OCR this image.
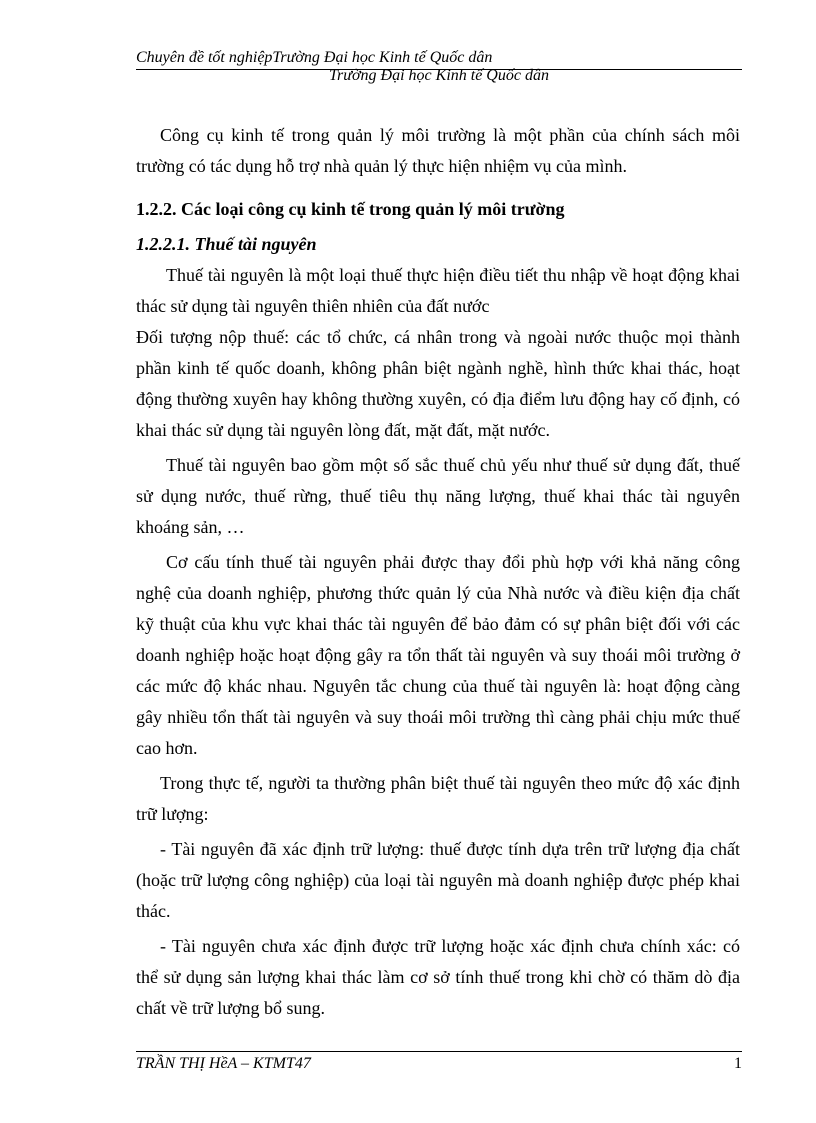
Chuyên đề tốt nghiệpTrường Đại học Kinh tế Quốc dân
Trường Đại học Kinh tế Quốc dân

Công cụ kinh tế trong quản lý môi trường là một phần của chính sách môi trường có tác dụng hỗ trợ nhà quản lý thực hiện nhiệm vụ của mình.

1.2.2. Các loại công cụ kinh tế trong quản lý môi trường

1.2.2.1. Thuế tài nguyên

Thuế tài nguyên là một loại thuế thực hiện điều tiết thu nhập về hoạt động khai thác sử dụng tài nguyên thiên nhiên của đất nước

Đối tượng nộp thuế: các tổ chức, cá nhân trong và ngoài nước thuộc mọi thành phần kinh tế quốc doanh, không phân biệt ngành nghề, hình thức khai thác, hoạt động thường xuyên hay không thường xuyên, có địa điểm lưu động hay cố định, có khai thác sử dụng tài nguyên lòng đất, mặt đất, mặt nước.

Thuế tài nguyên bao gồm một số sắc thuế chủ yếu như thuế sử dụng đất, thuế sử dụng nước, thuế rừng, thuế tiêu thụ năng lượng, thuế khai thác tài nguyên khoáng sản, …

Cơ cấu tính thuế tài nguyên phải được thay đổi phù hợp với khả năng công nghệ của doanh nghiệp, phương thức quản lý của Nhà nước và điều kiện địa chất kỹ thuật của khu vực khai thác tài nguyên để bảo đảm có sự phân biệt đối với các doanh nghiệp hoặc hoạt động gây ra tổn thất tài nguyên và suy thoái môi trường ở các mức độ khác nhau. Nguyên tắc chung của thuế tài nguyên là: hoạt động càng gây nhiều tổn thất tài nguyên và suy thoái môi trường thì càng phải chịu mức thuế cao hơn.

Trong thực tế, người ta thường phân biệt thuế tài nguyên theo mức độ xác định trữ lượng:

- Tài nguyên đã xác định trữ lượng: thuế được tính dựa trên trữ lượng địa chất (hoặc trữ lượng công nghiệp) của loại tài nguyên mà doanh nghiệp được phép khai thác.

- Tài nguyên chưa xác định được trữ lượng hoặc xác định chưa chính xác: có thể sử dụng sản lượng khai thác làm cơ sở tính thuế trong khi chờ có thăm dò địa chất về trữ lượng bổ sung.

TRẦN THỊ HềA – KTMT47	1
